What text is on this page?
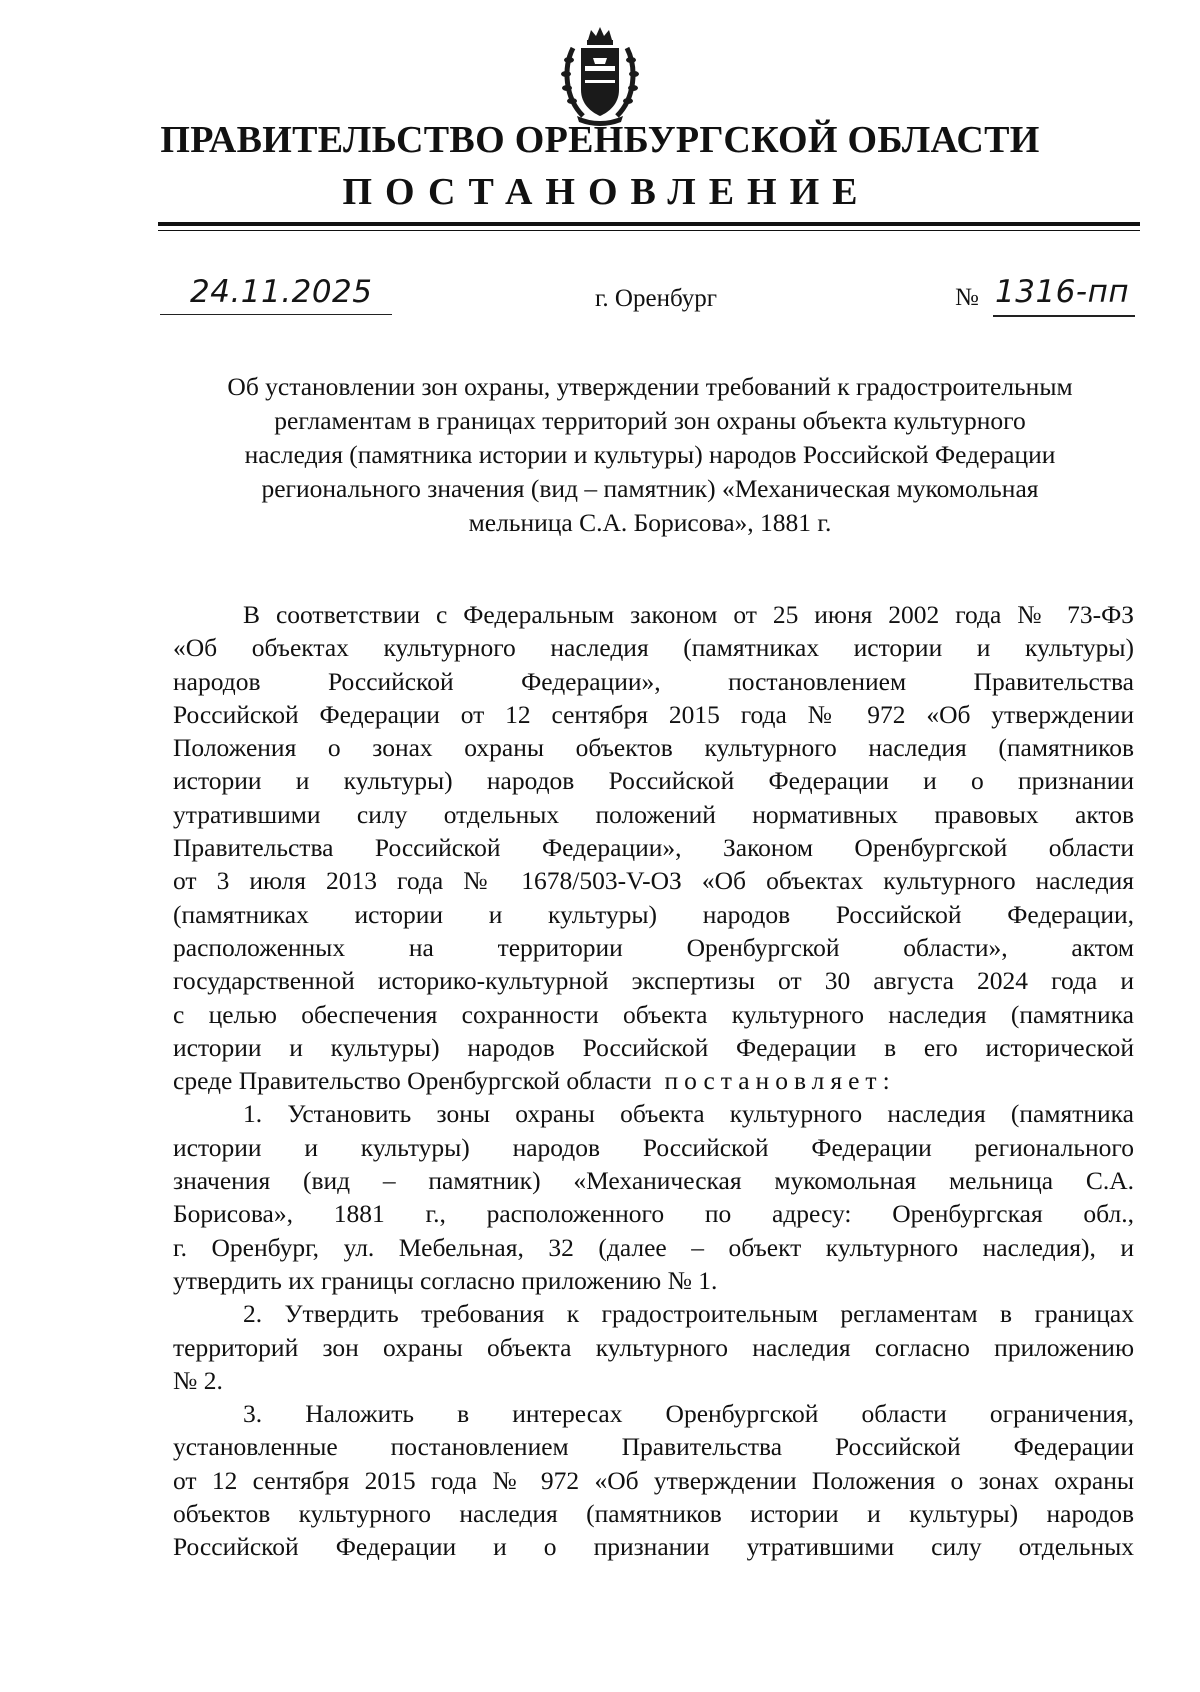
ПРАВИТЕЛЬСТВО ОРЕНБУРГСКОЙ ОБЛАСТИ
ПОСТАНОВЛЕНИЕ
24.11.2025	г. Оренбург	№ 1316-пп
Об установлении зон охраны, утверждении требований к градостроительным
регламентам в границах территорий зон охраны объекта культурного
наследия (памятника истории и культуры) народов Российской Федерации
регионального значения (вид – памятник) «Механическая мукомольная
мельница С.А. Борисова», 1881 г.
В соответствии с Федеральным законом от 25 июня 2002 года № 73-ФЗ
«Об объектах культурного наследия (памятниках истории и культуры)
народов Российской Федерации», постановлением Правительства
Российской Федерации от 12 сентября 2015 года № 972 «Об утверждении
Положения о зонах охраны объектов культурного наследия (памятников
истории и культуры) народов Российской Федерации и о признании
утратившими силу отдельных положений нормативных правовых актов
Правительства Российской Федерации», Законом Оренбургской области
от 3 июля 2013 года № 1678/503-V-ОЗ «Об объектах культурного наследия
(памятниках истории и культуры) народов Российской Федерации,
расположенных на территории Оренбургской области», актом
государственной историко-культурной экспертизы от 30 августа 2024 года и
с целью обеспечения сохранности объекта культурного наследия (памятника
истории и культуры) народов Российской Федерации в его исторической
среде Правительство Оренбургской области постановляет:
1. Установить зоны охраны объекта культурного наследия (памятника
истории и культуры) народов Российской Федерации регионального
значения (вид – памятник) «Механическая мукомольная мельница С.А.
Борисова», 1881 г., расположенного по адресу: Оренбургская обл.,
г. Оренбург, ул. Мебельная, 32 (далее – объект культурного наследия), и
утвердить их границы согласно приложению № 1.
2. Утвердить требования к градостроительным регламентам в границах
территорий зон охраны объекта культурного наследия согласно приложению
№ 2.
3. Наложить в интересах Оренбургской области ограничения,
установленные постановлением Правительства Российской Федерации
от 12 сентября 2015 года № 972 «Об утверждении Положения о зонах охраны
объектов культурного наследия (памятников истории и культуры) народов
Российской Федерации и о признании утратившими силу отдельных
